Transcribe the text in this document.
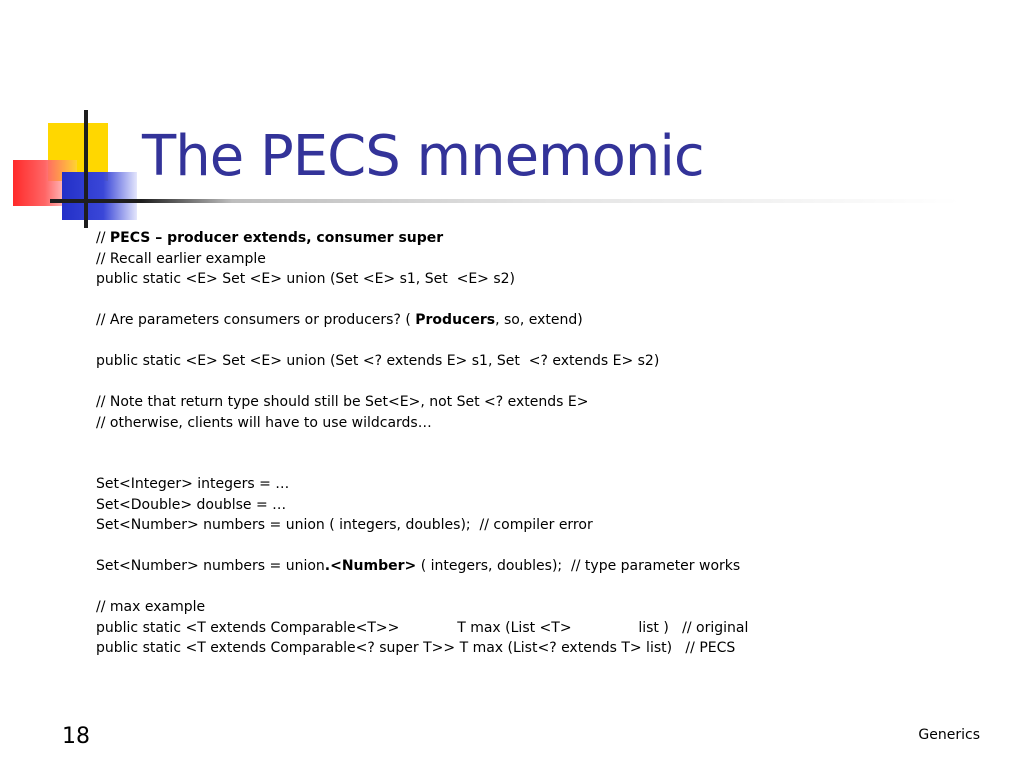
The PECS mnemonic
// PECS – producer extends, consumer super
// Recall earlier example
public static <E> Set <E> union (Set <E> s1, Set  <E> s2)
// Are parameters consumers or producers? ( Producers, so, extend)
public static <E> Set <E> union (Set <? extends E> s1, Set  <? extends E> s2)
// Note that return type should still be Set<E>, not Set <? extends E>
// otherwise, clients will have to use wildcards…
Set<Integer> integers = …
Set<Double> doublse = …
Set<Number> numbers = union ( integers, doubles);  // compiler error
Set<Number> numbers = union.<Number> ( integers, doubles);  // type parameter works
// max example
public static <T extends Comparable<T>>             T max (List <T>               list )   // original
public static <T extends Comparable<? super T>> T max (List<? extends T> list)   // PECS
18	Generics
